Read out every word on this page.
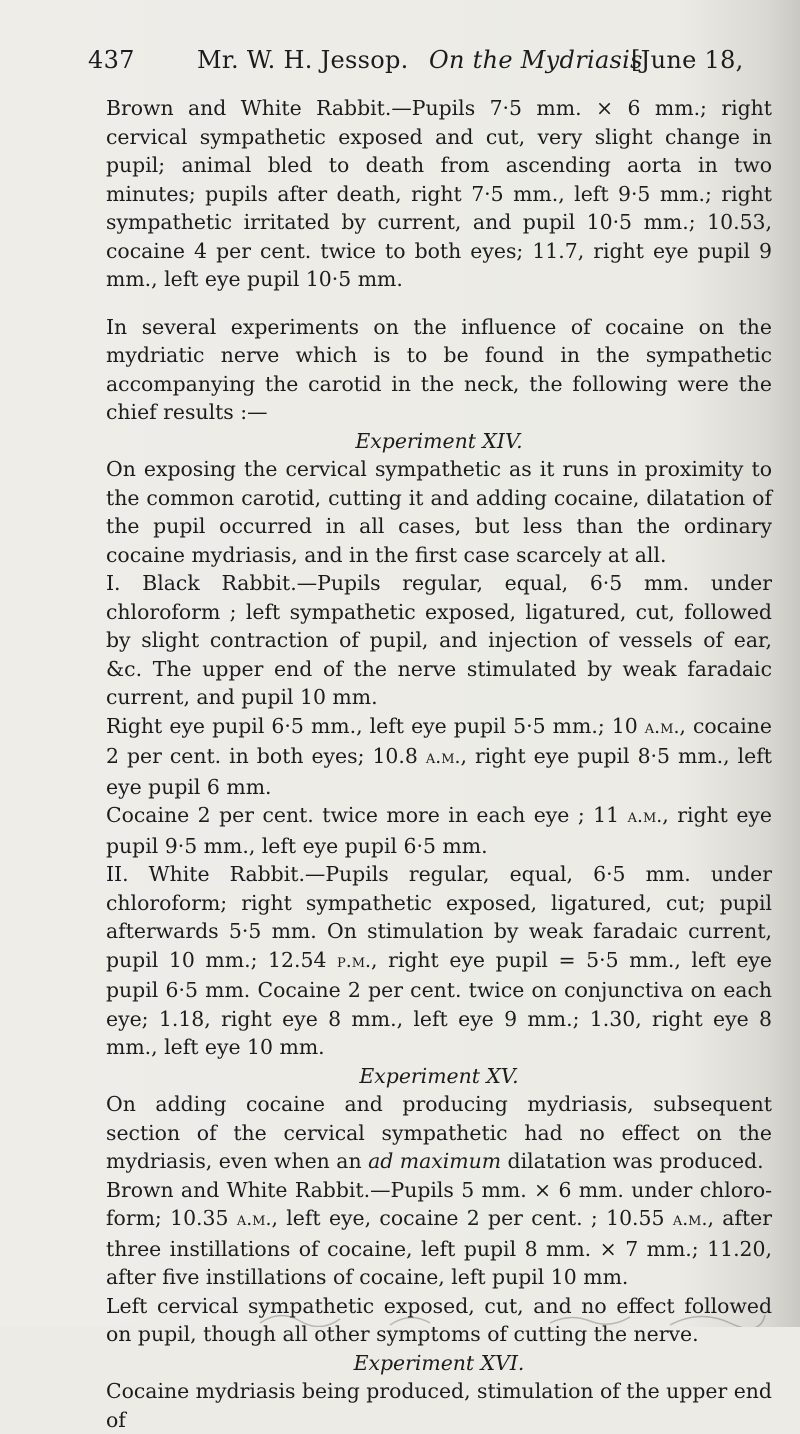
437	Mr. W. H. Jessop. On the Mydriasis
[June 18,

Brown and White Rabbit.—Pupils 7·5 mm. × 6 mm.; right cervical sympathetic exposed and cut, very slight change in pupil; animal bled to death from ascending aorta in two minutes; pupils after death, right 7·5 mm., left 9·5 mm.; right sympathetic irritated by current, and pupil 10·5 mm.; 10.53, cocaine 4 per cent. twice to both eyes; 11.7, right eye pupil 9 mm., left eye pupil 10·5 mm.

In several experiments on the influence of cocaine on the mydriatic nerve which is to be found in the sympathetic accompanying the carotid in the neck, the following were the chief results :—

Experiment XIV.

On exposing the cervical sympathetic as it runs in proximity to the common carotid, cutting it and adding cocaine, dilatation of the pupil occurred in all cases, but less than the ordinary cocaine mydriasis, and in the first case scarcely at all.

I. Black Rabbit.—Pupils regular, equal, 6·5 mm. under chloroform ; left sympathetic exposed, ligatured, cut, followed by slight contraction of pupil, and injection of vessels of ear, &c. The upper end of the nerve stimulated by weak faradaic current, and pupil 10 mm.

Right eye pupil 6·5 mm., left eye pupil 5·5 mm.; 10 a.m., cocaine 2 per cent. in both eyes; 10.8 a.m., right eye pupil 8·5 mm., left eye pupil 6 mm.

Cocaine 2 per cent. twice more in each eye ; 11 a.m., right eye pupil 9·5 mm., left eye pupil 6·5 mm.

II. White Rabbit.—Pupils regular, equal, 6·5 mm. under chloroform; right sympathetic exposed, ligatured, cut; pupil afterwards 5·5 mm. On stimulation by weak faradaic current, pupil 10 mm.; 12.54 p.m., right eye pupil = 5·5 mm., left eye pupil 6·5 mm. Cocaine 2 per cent. twice on conjunctiva on each eye; 1.18, right eye 8 mm., left eye 9 mm.; 1.30, right eye 8 mm., left eye 10 mm.

Experiment XV.

On adding cocaine and producing mydriasis, subsequent section of the cervical sympathetic had no effect on the mydriasis, even when an ad maximum dilatation was produced.

Brown and White Rabbit.—Pupils 5 mm. × 6 mm. under chloro- form; 10.35 a.m., left eye, cocaine 2 per cent. ; 10.55 a.m., after three instillations of cocaine, left pupil 8 mm. × 7 mm.; 11.20, after five instillations of cocaine, left pupil 10 mm.

Left cervical sympathetic exposed, cut, and no effect followed on pupil, though all other symptoms of cutting the nerve.

Experiment XVI.

Cocaine mydriasis being produced, stimulation of the upper end of
